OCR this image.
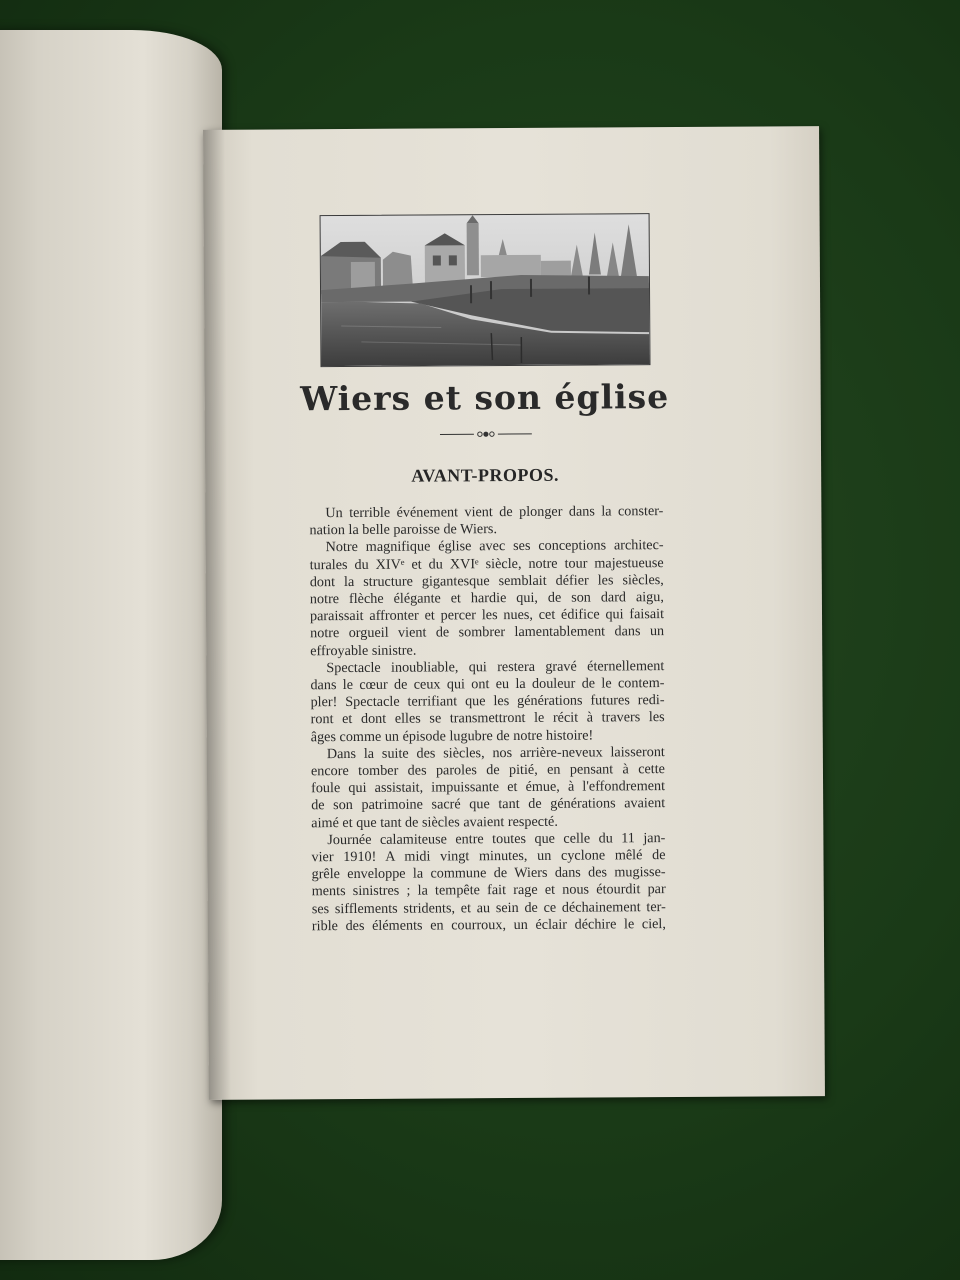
Wiers et son église
AVANT-PROPOS.
Un terrible événement vient de plonger dans la conster-
nation la belle paroisse de Wiers.
Notre magnifique église avec ses conceptions architec-
turales du XIVᵉ et du XVIᵉ siècle, notre tour majestueuse
dont la structure gigantesque semblait défier les siècles,
notre flèche élégante et hardie qui, de son dard aigu,
paraissait affronter et percer les nues, cet édifice qui faisait
notre orgueil vient de sombrer lamentablement dans un
effroyable sinistre.
Spectacle inoubliable, qui restera gravé éternellement
dans le cœur de ceux qui ont eu la douleur de le contem-
pler! Spectacle terrifiant que les générations futures redi-
ront et dont elles se transmettront le récit à travers les
âges comme un épisode lugubre de notre histoire!
Dans la suite des siècles, nos arrière-neveux laisseront
encore tomber des paroles de pitié, en pensant à cette
foule qui assistait, impuissante et émue, à l'effondrement
de son patrimoine sacré que tant de générations avaient
aimé et que tant de siècles avaient respecté.
Journée calamiteuse entre toutes que celle du 11 jan-
vier 1910! A midi vingt minutes, un cyclone mêlé de
grêle enveloppe la commune de Wiers dans des mugisse-
ments sinistres ; la tempête fait rage et nous étourdit par
ses sifflements stridents, et au sein de ce déchainement ter-
rible des éléments en courroux, un éclair déchire le ciel,
